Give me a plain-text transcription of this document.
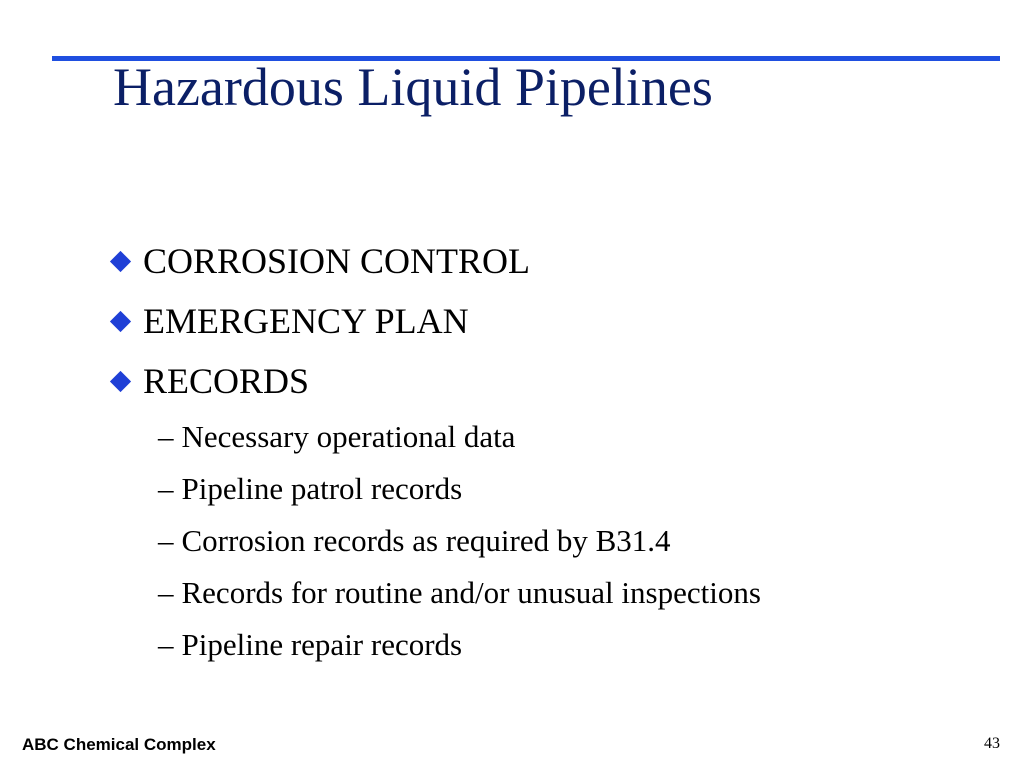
Hazardous Liquid Pipelines
CORROSION CONTROL
EMERGENCY PLAN
RECORDS
– Necessary operational data
– Pipeline patrol records
– Corrosion records as required by B31.4
– Records for routine and/or unusual inspections
– Pipeline repair records
ABC Chemical Complex	43
